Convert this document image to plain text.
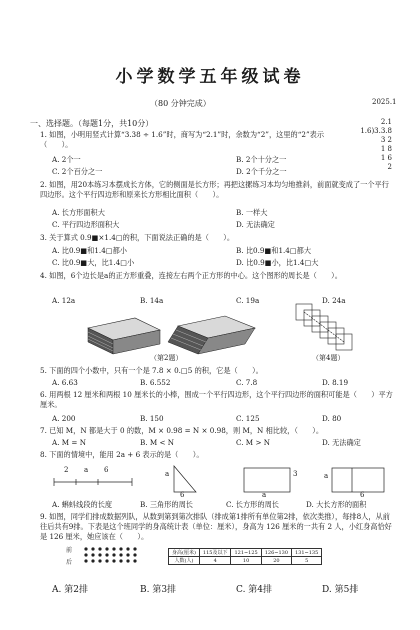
小学数学五年级试卷
（80 分钟完成）	2025.1
一、选择题。（每题1分，共10分）	2.1
1.6)3.3.8
3 2
1 8
1 6
2
1. 如图，小明用竖式计算“3.38 ÷ 1.6”时，商写为“2.1”时，余数为“2”，这里的“2”表示（　　）。
A. 2个一	B. 2个十分之一
C. 2个百分之一	D. 2个千分之一
2. 如图，用20本练习本摆成长方体，它的侧面是长方形；再把这摞练习本均匀地推斜，前面就变成了一个平行四边形。这个平行四边形和原来长方形相比面积（　　）。
A. 长方形面积大	B. 一样大
C. 平行四边形面积大	D. 无法确定
3. 关于算式 0.9■×1.4□的积，下面说法正确的是（　　）。
A. 比0.9■和1.4□都小	B. 比0.9■和1.4□都大
C. 比0.9■大，比1.4□小	D. 比0.9■小，比1.4□大
4. 如图，6个边长是a的正方形重叠，连接左右两个正方形的中心。这个图形的周长是（　　）。
A. 12a	B. 14a	C. 19a	D. 24a
（第2题）	（第4题）
5. 下面的四个小数中，只有一个是 7.8 × 0.□5 的积，它是（　　）。
A. 6.63	B. 6.552	C. 7.8	D. 8.19
6. 用两根 12 厘米和两根 10 厘米长的小棒，围成一个平行四边形，这个平行四边形的面积可能是（　　）平方厘米。
A. 200	B. 150	C. 125	D. 80
7. 已知 M，N 都是大于 0 的数，M × 0.98 = N × 0.98，则 M，N 相比较，（　　）。
A. M = N	B. M < N	C. M > N	D. 无法确定
8. 下面的情境中，能用 2a + 6 表示的是（　　）。
2 a 6	a
6
3
a
a
6
A. 蝌蚪线段的长度	B. 三角形的周长	C. 长方形的周长	D. 大长方形的面积
9. 如图，同学们排成数据列队，从数到第到第次排队（排成第1排所有单位第2排，依次类推），每排8人，从前往后共有9排。下表是这个班同学的身高统计表（单位：厘米），身高为 126 厘米的一共有 2 人，小红身高恰好是 126 厘米，她应该在（　　）。
前
后
身高(厘米)	115及以下	121~125	126~130	131~135
人数(人)	4	10	20	5
A. 第2排	B. 第3排	C. 第4排	D. 第5排
